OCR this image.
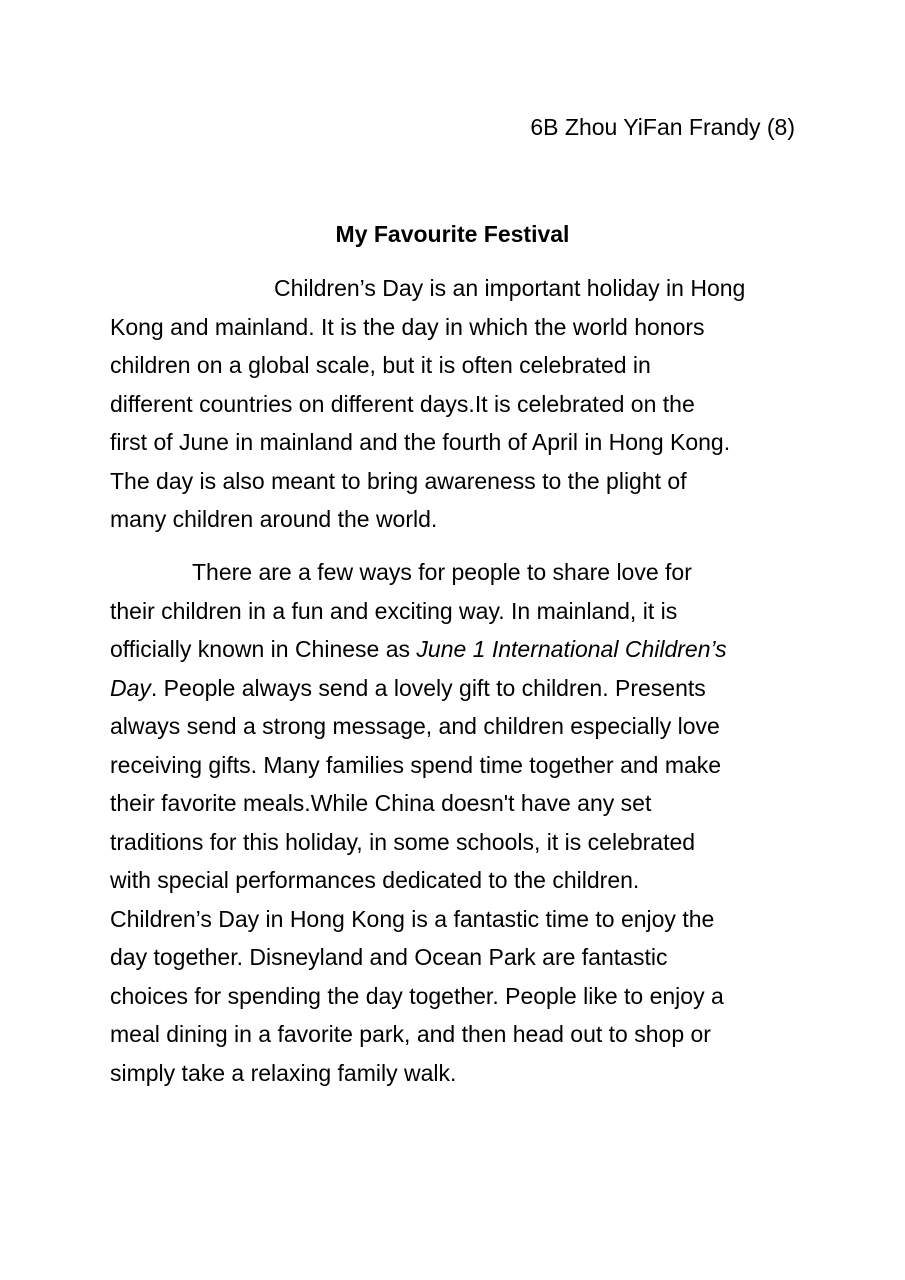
6B Zhou YiFan Frandy (8)
My Favourite Festival
Children’s Day is an important holiday in Hong
Kong and mainland. It is the day in which the world honors
children on a global scale, but it is often celebrated in
different countries on different days.It is celebrated on the
first of June in mainland and the fourth of April in Hong Kong.
The day is also meant to bring awareness to the plight of
many children around the world.
There are a few ways for people to share love for
their children in a fun and exciting way. In mainland, it is
officially known in Chinese as June 1 International Children’s
Day. People always send a lovely gift to children. Presents
always send a strong message, and children especially love
receiving gifts. Many families spend time together and make
their favorite meals.While China doesn't have any set
traditions for this holiday, in some schools, it is celebrated
with special performances dedicated to the children.
Children’s Day in Hong Kong is a fantastic time to enjoy the
day together. Disneyland and Ocean Park are fantastic
choices for spending the day together. People like to enjoy a
meal dining in a favorite park, and then head out to shop or
simply take a relaxing family walk.
